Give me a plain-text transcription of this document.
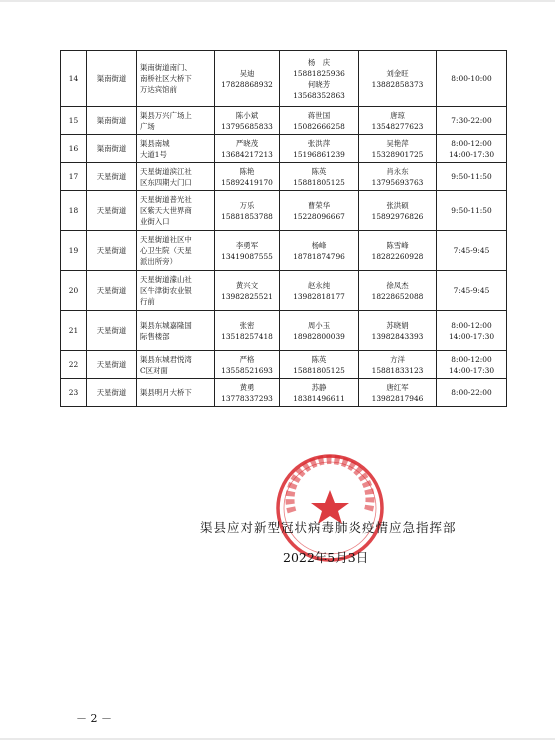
14	渠南街道	渠南街道南门、
南桥社区大桥下
万达宾馆前	吴迪
17828868932	杨　庆
15881825936
何晓芳
13568352863	刘金旺
13882858373	8:00-10:00

15	渠南街道	渠县万兴广场上
广场	陈小斌
13795685833	蒋世国
15082666258	唐琼
13548277623	7:30-22:00

16	渠南街道	渠县南城
大道1号	严晓茂
13684217213	张洪萍
15196861239	吴艳萍
15328901725	8:00-12:00
14:00-17:30

17	天星街道	天星街道滨江社
区东四期大门口	陈艳
15892419170	陈英
15881805125	肖永东
13795693763	9:50-11:50

18	天星街道	天星街道普光社
区紫天大世界商
业街入口	万乐
15881853788	曹荣华
15228096667	张洪硕
15892976826	9:50-11:50

19	天星街道	天星街道社区中
心卫生院（天星
派出所旁）	李勇军
13419087555	杨峰
18781874796	陈雪峰
18282260928	7:45-9:45

20	天星街道	天星街道濛山社
区牛津街农业银
行前	黄兴文
13982825521	赵永纯
13982818177	徐凤杰
18228652088	7:45-9:45

21	天星街道	渠县东城嘉隆国
际售楼部	张密
13518257418	周小玉
18982800039	苏晓娟
13982843393	8:00-12:00
14:00-17:30

22	天星街道	渠县东城君悦湾
C区对面	严格
13558521693	陈英
15881805125	方洋
15881833123	8:00-12:00
14:00-17:30

23	天星街道	渠县明月大桥下	黄勇
13778337293	苏静
18381496611	唐红军
13982817946	8:00-22:00
渠县应对新型冠状病毒肺炎疫情应急指挥部
2022年5月3日
－ 2 －
